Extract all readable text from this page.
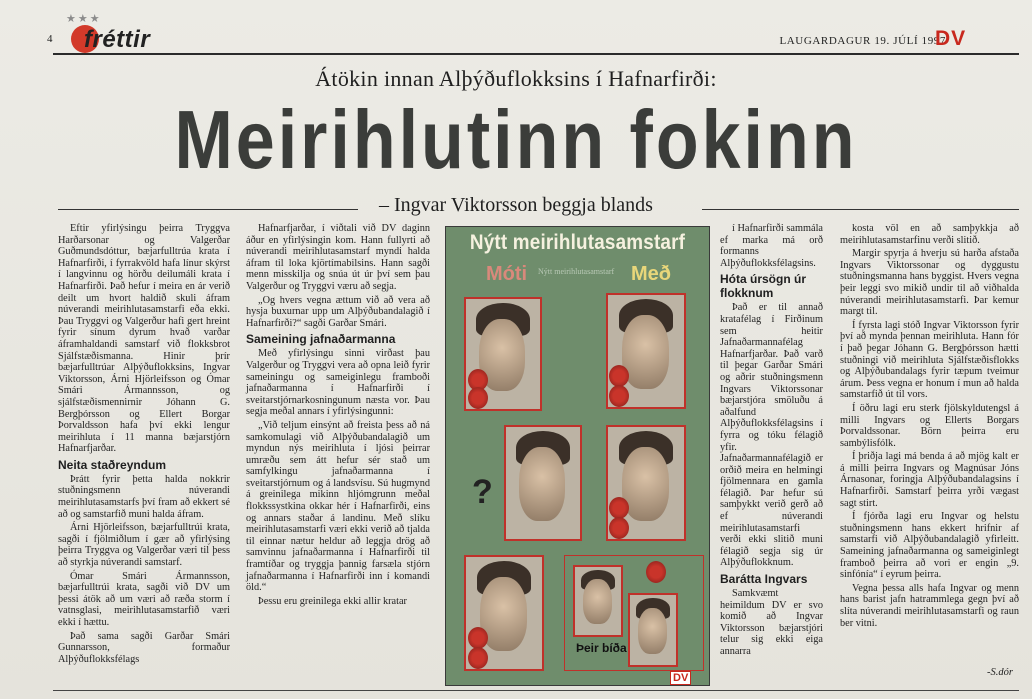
4
★★★
fréttir	LAUGARDAGUR 19. JÚLÍ 1997
DV
Átökin innan Alþýðuflokksins í Hafnarfirði:
Meirihlutinn fokinn
– Ingvar Viktorsson beggja blands

Eftir yfirlýsingu þeirra Tryggva Harðarsonar og Valgerðar Guðmundsdóttur, bæjarfulltrúa krata í Hafnarfirði, í fyrrakvöld hafa línur skýrst í langvinnu og hörðu deilumáli krata í Hafnarfirði. Það hefur í meira en ár verið deilt um hvort haldið skuli áfram núverandi meirihlutasamstarfi eða ekki. Þau Tryggvi og Valgerður hafi gert hreint fyrir sínum dyrum hvað varðar áframhaldandi samstarf við flokksbrot Sjálfstæðismanna. Hinir þrír bæjarfulltrúar Alþýðuflokksins, Ingvar Viktorsson, Árni Hjörleifsson og Ómar Smári Ármannsson, og sjálfstæðismennirnir Jóhann G. Bergþórsson og Ellert Borgar Þorvaldsson hafa því ekki lengur meirihluta í 11 manna bæjarstjórn Hafnarfjarðar.

Neita staðreyndum

Þrátt fyrir þetta halda nokkrir stuðningsmenn núverandi meirihlutasamstarfs því fram að ekkert sé að og samstarfið muni halda áfram.

Árni Hjörleifsson, bæjarfulltrúi krata, sagði í fjölmiðlum í gær að yfirlýsing þeirra Tryggva og Valgerðar væri til þess að styrkja núverandi samstarf.

Ómar Smári Ármannsson, bæjarfulltrúi krata, sagði við DV um þessi átök að um væri að ræða storm í vatnsglasi, meirihlutasamstarfið væri ekki í hættu.

Það sama sagði Garðar Smári Gunnarsson, formaður Alþýðuflokksfélags

Hafnarfjarðar, í viðtali við DV daginn áður en yfirlýsingin kom. Hann fullyrti að núverandi meirihlutasamstarf myndi halda áfram til loka kjörtímabilsins. Hann sagði menn misskilja og snúa út úr því sem þau Valgerður og Tryggvi væru að segja.

„Og hvers vegna ættum við að vera að hysja buxurnar upp um Alþýðubandalagið í Hafnarfirði?“ sagði Garðar Smári.

Sameining jafnaðarmanna

Með yfirlýsingu sinni virðast þau Valgerður og Tryggvi vera að opna leið fyrir sameiningu og sameiginlegu framboði jafnaðarmanna í Hafnarfirði í sveitarstjórnarkosningunum næsta vor. Þau segja meðal annars í yfirlýsingunni:

„Við teljum einsýnt að freista þess að ná samkomulagi við Alþýðubandalagið um myndun nýs meirihluta í ljósi þeirrar umræðu sem átt hefur sér stað um samfylkingu jafnaðarmanna í sveitarstjórnum og á landsvísu. Sú hugmynd á greinilega mikinn hljómgrunn meðal flokkssystkina okkar hér í Hafnarfirði, eins og annars staðar á landinu. Með slíku meirihlutasamstarfi væri ekki verið að tjalda til einnar nætur heldur að leggja drög að samvinnu jafnaðarmanna í Hafnarfirði til framtíðar og tryggja þannig farsæla stjórn jafnaðarmanna í Hafnarfirði inn í komandi öld.“

Þessu eru greinilega ekki allir kratar

Nýtt meirihlutasamstarf
Móti Nýtt meirihlutasamstarf Með
?
Þeir bíða
DV

í Hafnarfirði sammála ef marka má orð formanns Alþýðuflokksfélagsins.

Hóta úrsögn úr flokknum

Það er til annað kratafélag í Firðinum sem heitir Jafnaðarmannafélag Hafnarfjarðar. Það varð til þegar Garðar Smári og aðrir stuðningsmenn Ingvars Viktorssonar bæjarstjóra smöluðu á aðalfund Alþýðuflokksfélagsins í fyrra og tóku félagið yfir. Jafnaðarmannafélagið er orðið meira en helmingi fjölmennara en gamla félagið. Þar hefur sú samþykkt verið gerð að ef núverandi meirihlutasamstarfi verði ekki slitið muni félagið segja sig úr Alþýðuflokknum.

Barátta Ingvars

Samkvæmt heimildum DV er svo komið að Ingvar Viktorsson bæjarstjóri telur sig ekki eiga annarra

kosta völ en að samþykkja að meirihlutasamstarfinu verði slitið.

Margir spyrja á hverju sú harða afstaða Ingvars Viktorssonar og dyggustu stuðningsmanna hans byggist. Hvers vegna þeir leggi svo mikið undir til að viðhalda núverandi meirihlutasamstarfi. Þar kemur margt til.

Í fyrsta lagi stóð Ingvar Viktorsson fyrir því að mynda þennan meirihluta. Hann fór í það þegar Jóhann G. Bergþórsson hætti stuðningi við meirihluta Sjálfstæðisflokks og Alþýðubandalags fyrir tæpum tveimur árum. Þess vegna er honum í mun að halda samstarfið út til vors.

Í öðru lagi eru sterk fjölskyldutengsl á milli Ingvars og Ellerts Borgars Þorvaldssonar. Börn þeirra eru sambýlisfólk.

Í þriðja lagi má benda á að mjög kalt er á milli þeirra Ingvars og Magnúsar Jóns Árnasonar, foringja Alþýðubandalagsins í Hafnarfirði. Samstarf þeirra yrði vægast sagt stirt.

Í fjórða lagi eru Ingvar og helstu stuðningsmenn hans ekkert hrifnir af samstarfi við Alþýðubandalagið yfirleitt. Sameining jafnaðarmanna og sameiginlegt framboð þeirra að vori er engin „9. sinfónía“ í eyrum þeirra.

Vegna þessa alls hafa Ingvar og menn hans barist jafn hatrammlega gegn því að slíta núverandi meirihlutasamstarfi og raun ber vitni.

-S.dór
